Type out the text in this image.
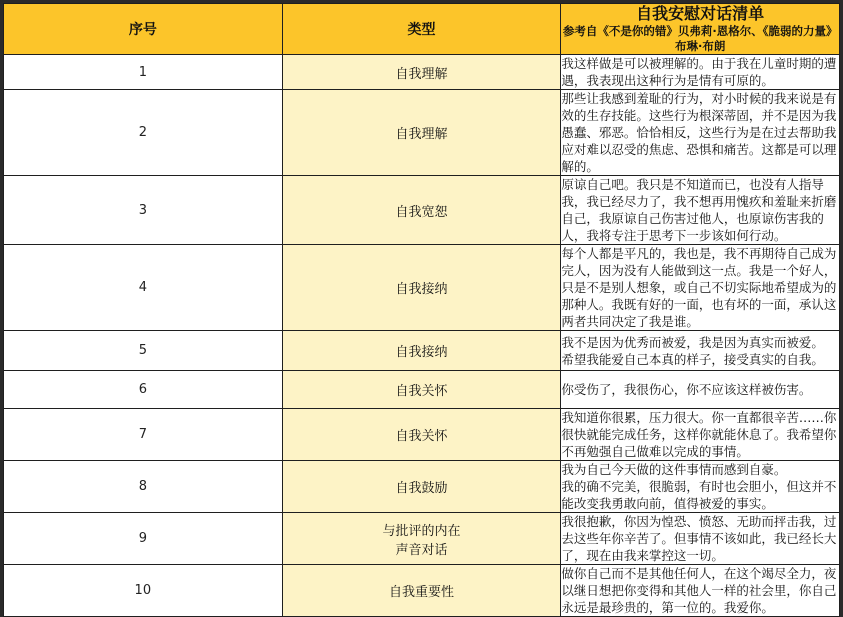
序号	类型	自我安慰对话清单
参考自《不是你的错》贝弗莉·恩格尔、《脆弱的力量》布琳·布朗

1	自我理解	我这样做是可以被理解的。由于我在儿童时期的遭遇，我表现出这种行为是情有可原的。
2	自我理解	那些让我感到羞耻的行为，对小时候的我来说是有效的生存技能。这些行为根深蒂固，并不是因为我愚蠢、邪恶。恰恰相反，这些行为是在过去帮助我应对难以忍受的焦虑、恐惧和痛苦。这都是可以理解的。
3	自我宽恕	原谅自己吧。我只是不知道而已，也没有人指导我，我已经尽力了，我不想再用愧疚和羞耻来折磨自己，我原谅自己伤害过他人，也原谅伤害我的人，我将专注于思考下一步该如何行动。
4	自我接纳	每个人都是平凡的，我也是，我不再期待自己成为完人，因为没有人能做到这一点。我是一个好人，只是不是别人想象，或自己不切实际地希望成为的那种人。我既有好的一面，也有坏的一面，承认这两者共同决定了我是谁。
5	自我接纳	我不是因为优秀而被爱，我是因为真实而被爱。
希望我能爱自己本真的样子，接受真实的自我。

6	自我关怀	你受伤了，我很伤心，你不应该这样被伤害。
7	自我关怀	我知道你很累，压力很大。你一直都很辛苦……你很快就能完成任务，这样你就能休息了。我希望你不再勉强自己做难以完成的事情。
8	自我鼓励	我为自己今天做的这件事情而感到自豪。
我的确不完美，很脆弱，有时也会胆小，但这并不能改变我勇敢向前，值得被爱的事实。

9	与批评的内在
声音对话	我很抱歉，你因为惶恐、愤怒、无助而抨击我，过去这些年你辛苦了。但事情不该如此，我已经长大了，现在由我来掌控这一切。
10	自我重要性	做你自己而不是其他任何人，在这个竭尽全力，夜以继日想把你变得和其他人一样的社会里，你自己永远是最珍贵的，第一位的。我爱你。
